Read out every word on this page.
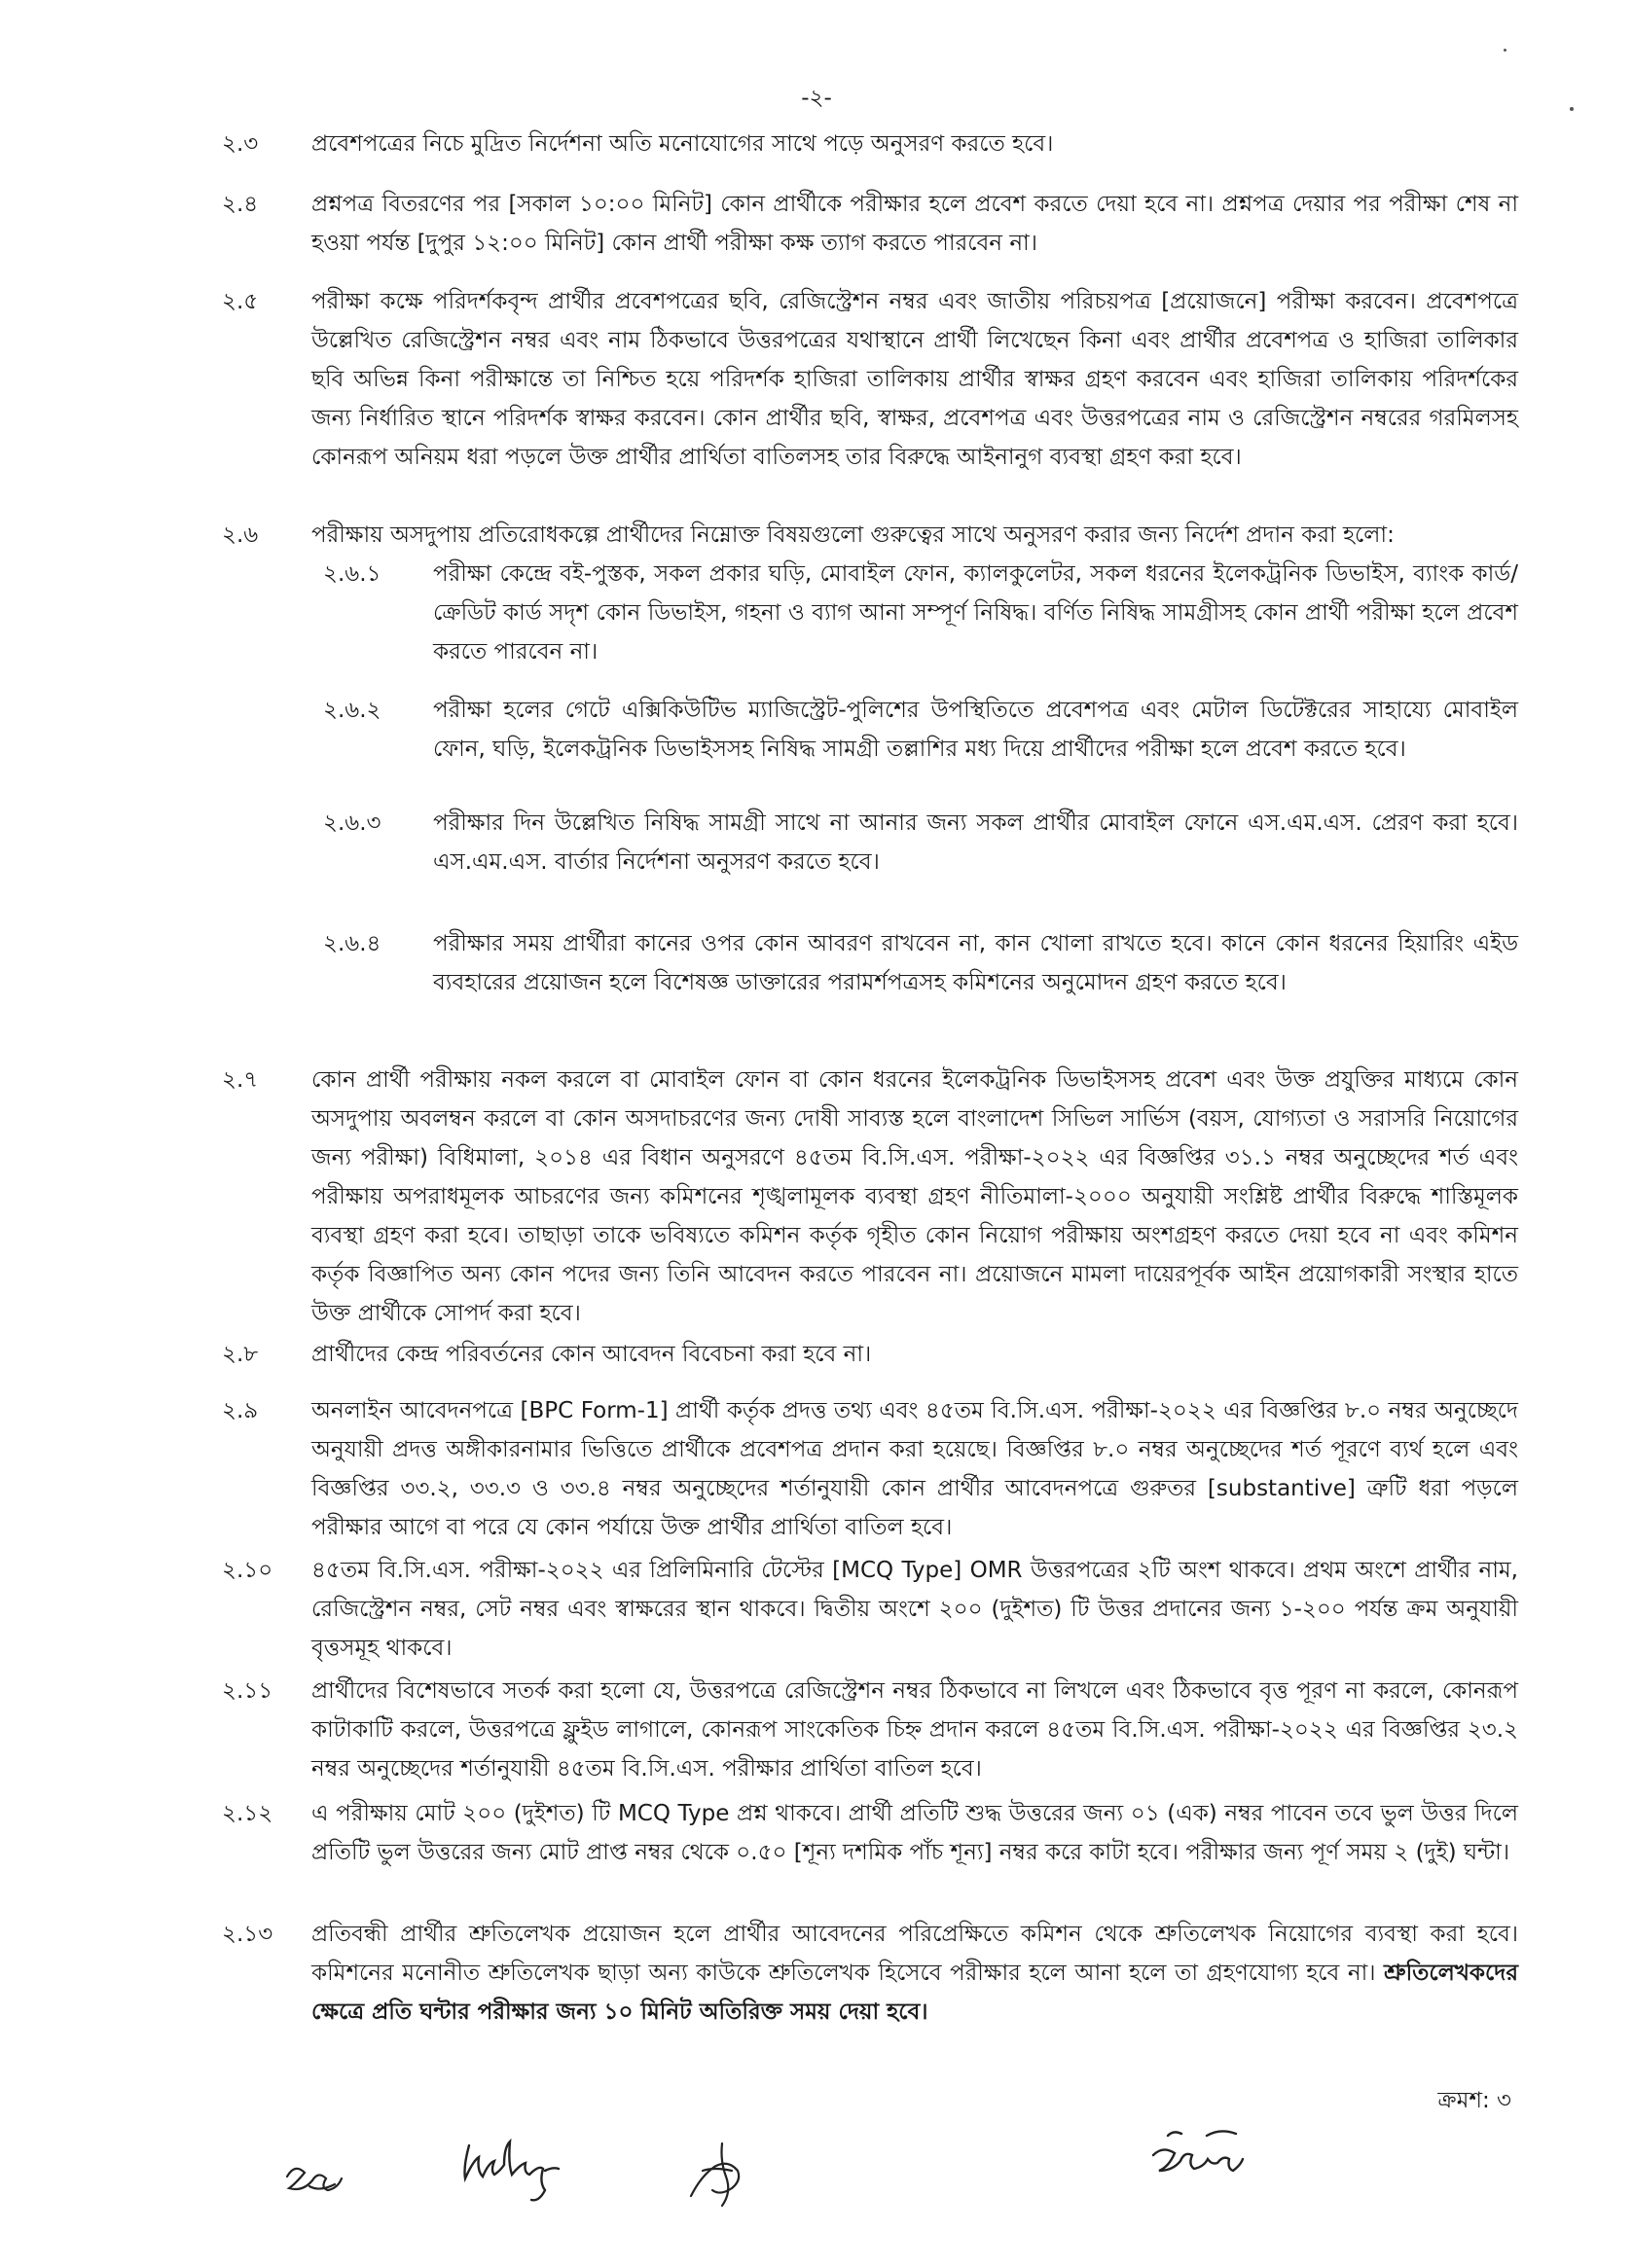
-২-
২.৩	প্রবেশপত্রের নিচে মুদ্রিত নির্দেশনা অতি মনোযোগের সাথে পড়ে অনুসরণ করতে হবে।
২.৪	প্রশ্নপত্র বিতরণের পর [সকাল ১০:০০ মিনিট] কোন প্রার্থীকে পরীক্ষার হলে প্রবেশ করতে দেয়া হবে না। প্রশ্নপত্র দেয়ার পর পরীক্ষা শেষ না হওয়া পর্যন্ত [দুপুর ১২:০০ মিনিট] কোন প্রার্থী পরীক্ষা কক্ষ ত্যাগ করতে পারবেন না।
২.৫	পরীক্ষা কক্ষে পরিদর্শকবৃন্দ প্রার্থীর প্রবেশপত্রের ছবি, রেজিস্ট্রেশন নম্বর এবং জাতীয় পরিচয়পত্র [প্রয়োজনে] পরীক্ষা করবেন। প্রবেশপত্রে উল্লেখিত রেজিস্ট্রেশন নম্বর এবং নাম ঠিকভাবে উত্তরপত্রের যথাস্থানে প্রার্থী লিখেছেন কিনা এবং প্রার্থীর প্রবেশপত্র ও হাজিরা তালিকার ছবি অভিন্ন কিনা পরীক্ষান্তে তা নিশ্চিত হয়ে পরিদর্শক হাজিরা তালিকায় প্রার্থীর স্বাক্ষর গ্রহণ করবেন এবং হাজিরা তালিকায় পরিদর্শকের জন্য নির্ধারিত স্থানে পরিদর্শক স্বাক্ষর করবেন। কোন প্রার্থীর ছবি, স্বাক্ষর, প্রবেশপত্র এবং উত্তরপত্রের নাম ও রেজিস্ট্রেশন নম্বরের গরমিলসহ কোনরূপ অনিয়ম ধরা পড়লে উক্ত প্রার্থীর প্রার্থিতা বাতিলসহ তার বিরুদ্ধে আইনানুগ ব্যবস্থা গ্রহণ করা হবে।
২.৬	পরীক্ষায় অসদুপায় প্রতিরোধকল্পে প্রার্থীদের নিম্নোক্ত বিষয়গুলো গুরুত্বের সাথে অনুসরণ করার জন্য নির্দেশ প্রদান করা হলো:
২.৬.১	পরীক্ষা কেন্দ্রে বই-পুস্তক, সকল প্রকার ঘড়ি, মোবাইল ফোন, ক্যালকুলেটর, সকল ধরনের ইলেকট্রনিক ডিভাইস, ব্যাংক কার্ড/ক্রেডিট কার্ড সদৃশ কোন ডিভাইস, গহনা ও ব্যাগ আনা সম্পূর্ণ নিষিদ্ধ। বর্ণিত নিষিদ্ধ সামগ্রীসহ কোন প্রার্থী পরীক্ষা হলে প্রবেশ করতে পারবেন না।
২.৬.২	পরীক্ষা হলের গেটে এক্সিকিউটিভ ম্যাজিস্ট্রেট-পুলিশের উপস্থিতিতে প্রবেশপত্র এবং মেটাল ডিটেক্টরের সাহায্যে মোবাইল ফোন, ঘড়ি, ইলেকট্রনিক ডিভাইসসহ নিষিদ্ধ সামগ্রী তল্লাশির মধ্য দিয়ে প্রার্থীদের পরীক্ষা হলে প্রবেশ করতে হবে।
২.৬.৩	পরীক্ষার দিন উল্লেখিত নিষিদ্ধ সামগ্রী সাথে না আনার জন্য সকল প্রার্থীর মোবাইল ফোনে এস.এম.এস. প্রেরণ করা হবে। এস.এম.এস. বার্তার নির্দেশনা অনুসরণ করতে হবে।
২.৬.৪	পরীক্ষার সময় প্রার্থীরা কানের ওপর কোন আবরণ রাখবেন না, কান খোলা রাখতে হবে। কানে কোন ধরনের হিয়ারিং এইড ব্যবহারের প্রয়োজন হলে বিশেষজ্ঞ ডাক্তারের পরামর্শপত্রসহ কমিশনের অনুমোদন গ্রহণ করতে হবে।
২.৭	কোন প্রার্থী পরীক্ষায় নকল করলে বা মোবাইল ফোন বা কোন ধরনের ইলেকট্রনিক ডিভাইসসহ প্রবেশ এবং উক্ত প্রযুক্তির মাধ্যমে কোন অসদুপায় অবলম্বন করলে বা কোন অসদাচরণের জন্য দোষী সাব্যস্ত হলে বাংলাদেশ সিভিল সার্ভিস (বয়স, যোগ্যতা ও সরাসরি নিয়োগের জন্য পরীক্ষা) বিধিমালা, ২০১৪ এর বিধান অনুসরণে ৪৫তম বি.সি.এস. পরীক্ষা-২০২২ এর বিজ্ঞপ্তির ৩১.১ নম্বর অনুচ্ছেদের শর্ত এবং পরীক্ষায় অপরাধমূলক আচরণের জন্য কমিশনের শৃঙ্খলামূলক ব্যবস্থা গ্রহণ নীতিমালা-২০০০ অনুযায়ী সংশ্লিষ্ট প্রার্থীর বিরুদ্ধে শাস্তিমূলক ব্যবস্থা গ্রহণ করা হবে। তাছাড়া তাকে ভবিষ্যতে কমিশন কর্তৃক গৃহীত কোন নিয়োগ পরীক্ষায় অংশগ্রহণ করতে দেয়া হবে না এবং কমিশন কর্তৃক বিজ্ঞাপিত অন্য কোন পদের জন্য তিনি আবেদন করতে পারবেন না। প্রয়োজনে মামলা দায়েরপূর্বক আইন প্রয়োগকারী সংস্থার হাতে উক্ত প্রার্থীকে সোপর্দ করা হবে।
২.৮	প্রার্থীদের কেন্দ্র পরিবর্তনের কোন আবেদন বিবেচনা করা হবে না।
২.৯	অনলাইন আবেদনপত্রে [BPC Form-1] প্রার্থী কর্তৃক প্রদত্ত তথ্য এবং ৪৫তম বি.সি.এস. পরীক্ষা-২০২২ এর বিজ্ঞপ্তির ৮.০ নম্বর অনুচ্ছেদে অনুযায়ী প্রদত্ত অঙ্গীকারনামার ভিত্তিতে প্রার্থীকে প্রবেশপত্র প্রদান করা হয়েছে। বিজ্ঞপ্তির ৮.০ নম্বর অনুচ্ছেদের শর্ত পূরণে ব্যর্থ হলে এবং বিজ্ঞপ্তির ৩৩.২, ৩৩.৩ ও ৩৩.৪ নম্বর অনুচ্ছেদের শর্তানুযায়ী কোন প্রার্থীর আবেদনপত্রে গুরুতর [substantive] ত্রুটি ধরা পড়লে পরীক্ষার আগে বা পরে যে কোন পর্যায়ে উক্ত প্রার্থীর প্রার্থিতা বাতিল হবে।
২.১০	৪৫তম বি.সি.এস. পরীক্ষা-২০২২ এর প্রিলিমিনারি টেস্টের [MCQ Type] OMR উত্তরপত্রের ২টি অংশ থাকবে। প্রথম অংশে প্রার্থীর নাম, রেজিস্ট্রেশন নম্বর, সেট নম্বর এবং স্বাক্ষরের স্থান থাকবে। দ্বিতীয় অংশে ২০০ (দুইশত) টি উত্তর প্রদানের জন্য ১-২০০ পর্যন্ত ক্রম অনুযায়ী বৃত্তসমূহ থাকবে।
২.১১	প্রার্থীদের বিশেষভাবে সতর্ক করা হলো যে, উত্তরপত্রে রেজিস্ট্রেশন নম্বর ঠিকভাবে না লিখলে এবং ঠিকভাবে বৃত্ত পূরণ না করলে, কোনরূপ কাটাকাটি করলে, উত্তরপত্রে ফ্লুইড লাগালে, কোনরূপ সাংকেতিক চিহ্ন প্রদান করলে ৪৫তম বি.সি.এস. পরীক্ষা-২০২২ এর বিজ্ঞপ্তির ২৩.২ নম্বর অনুচ্ছেদের শর্তানুযায়ী ৪৫তম বি.সি.এস. পরীক্ষার প্রার্থিতা বাতিল হবে।
২.১২	এ পরীক্ষায় মোট ২০০ (দুইশত) টি MCQ Type প্রশ্ন থাকবে। প্রার্থী প্রতিটি শুদ্ধ উত্তরের জন্য ০১ (এক) নম্বর পাবেন তবে ভুল উত্তর দিলে প্রতিটি ভুল উত্তরের জন্য মোট প্রাপ্ত নম্বর থেকে ০.৫০ [শূন্য দশমিক পাঁচ শূন্য] নম্বর করে কাটা হবে। পরীক্ষার জন্য পূর্ণ সময় ২ (দুই) ঘন্টা।
২.১৩	প্রতিবন্ধী প্রার্থীর শ্রুতিলেখক প্রয়োজন হলে প্রার্থীর আবেদনের পরিপ্রেক্ষিতে কমিশন থেকে শ্রুতিলেখক নিয়োগের ব্যবস্থা করা হবে। কমিশনের মনোনীত শ্রুতিলেখক ছাড়া অন্য কাউকে শ্রুতিলেখক হিসেবে পরীক্ষার হলে আনা হলে তা গ্রহণযোগ্য হবে না। শ্রুতিলেখকদের ক্ষেত্রে প্রতি ঘন্টার পরীক্ষার জন্য ১০ মিনিট অতিরিক্ত সময় দেয়া হবে।
ক্রমশ: ৩
